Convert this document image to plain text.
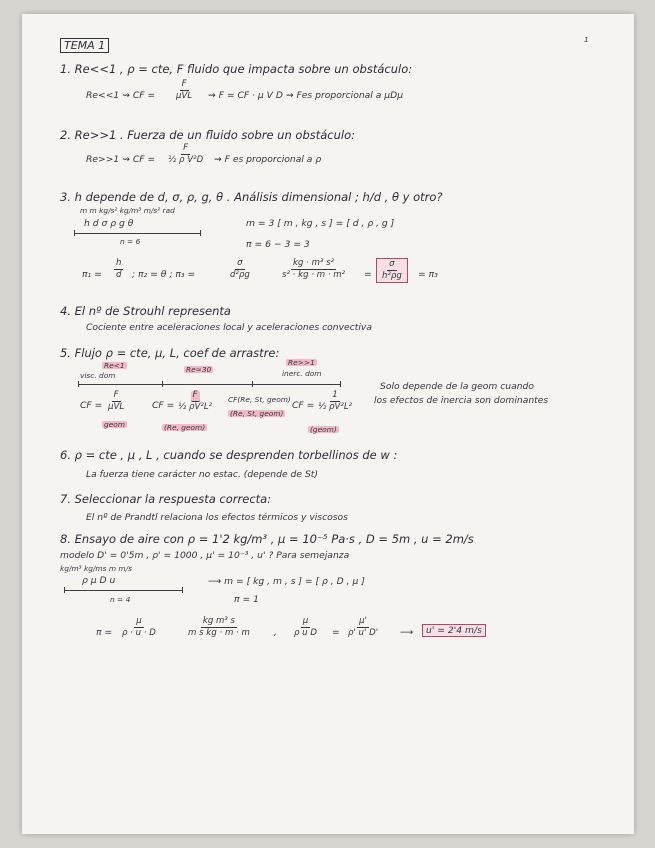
TEMA 1	1
1. Re<<1 , ρ = cte, F fluido que impacta sobre un obstáculo:
Re<<1 ⇝ CF =
F
μVL ⇝ F = CF · μ V D ⇝ Fes proporcional a μDμ
2. Re>>1 . Fuerza de un fluido sobre un obstáculo:
Re>>1 ⇝ CF = $\frac{F}{\text{½ ρ V²D}}$ ⇝ F es proporcional a ρ
3. h depende de d, σ, ρ, g, θ . Análisis dimensional ; h/d , θ y otro?
m m kg/s² kg/m³ m/s² rad
h d σ ρ g θ
n = 6
m = 3 [ m , kg , s ] = [ d , ρ , g ]
π = 6 − 3 = 3
$\pi_1 = \frac{h}{d}$ ; π₂ = θ ; π₃ =	$\frac{\sigma}{\text{d²ρg}}$	$\frac{\text{kg · m³ s²}}{\text{s² · kg · m · m²}} = \frac{\sigma}{\text{h²ρg}} = \pi_3$
4. El nº de Strouhl representa
Cociente entre aceleraciones local y aceleraciones convectiva
5. Flujo ρ = cte, μ, L, coef de arrastre:
Re<1
visc. dom
Re≈30
Re>>1
inerc. dom
CF =
F
μVL	CF = $\frac{F}{\text{½ ρV²L²}} CF(Re$, St, geom)
CF = $\frac{1}{\text{½ ρV²L²}}$
geom	(Re, geom)
(Re, St, geom)
(geom)
Solo depende de la geom cuando
los efectos de inercia son dominantes
6. ρ = cte , μ , L , cuando se desprenden torbellinos de w :
La fuerza tiene carácter no estac. (depende de St)
7. Seleccionar la respuesta correcta:
El nº de Prandtl relaciona los efectos térmicos y viscosos
8. Ensayo de aire con ρ = 1'2 kg/m³ , μ = 10⁻⁵ Pa·s , D = 5m , u = 2m/s
modelo D' = 0'5m , ρ' = 1000 , μ' = 10⁻³ , u' ? Para semejanza
kg/m³ kg/ms m m/s
ρ μ D u
n = 4
⟶ m = [ kg , m , s ] = [ ρ , D , μ ]
π = 1
$\pi = \frac{\mu}{\rho \cdot u \cdot D}$	$\frac{\text{kg m³ s}}{\text{m s kg · m · m}}$ , $\frac{\mu}{\text{ρ u D}} = \frac{\mu'}{\rho' u' D'}$ ⟶	u' = 2'4 m/s
